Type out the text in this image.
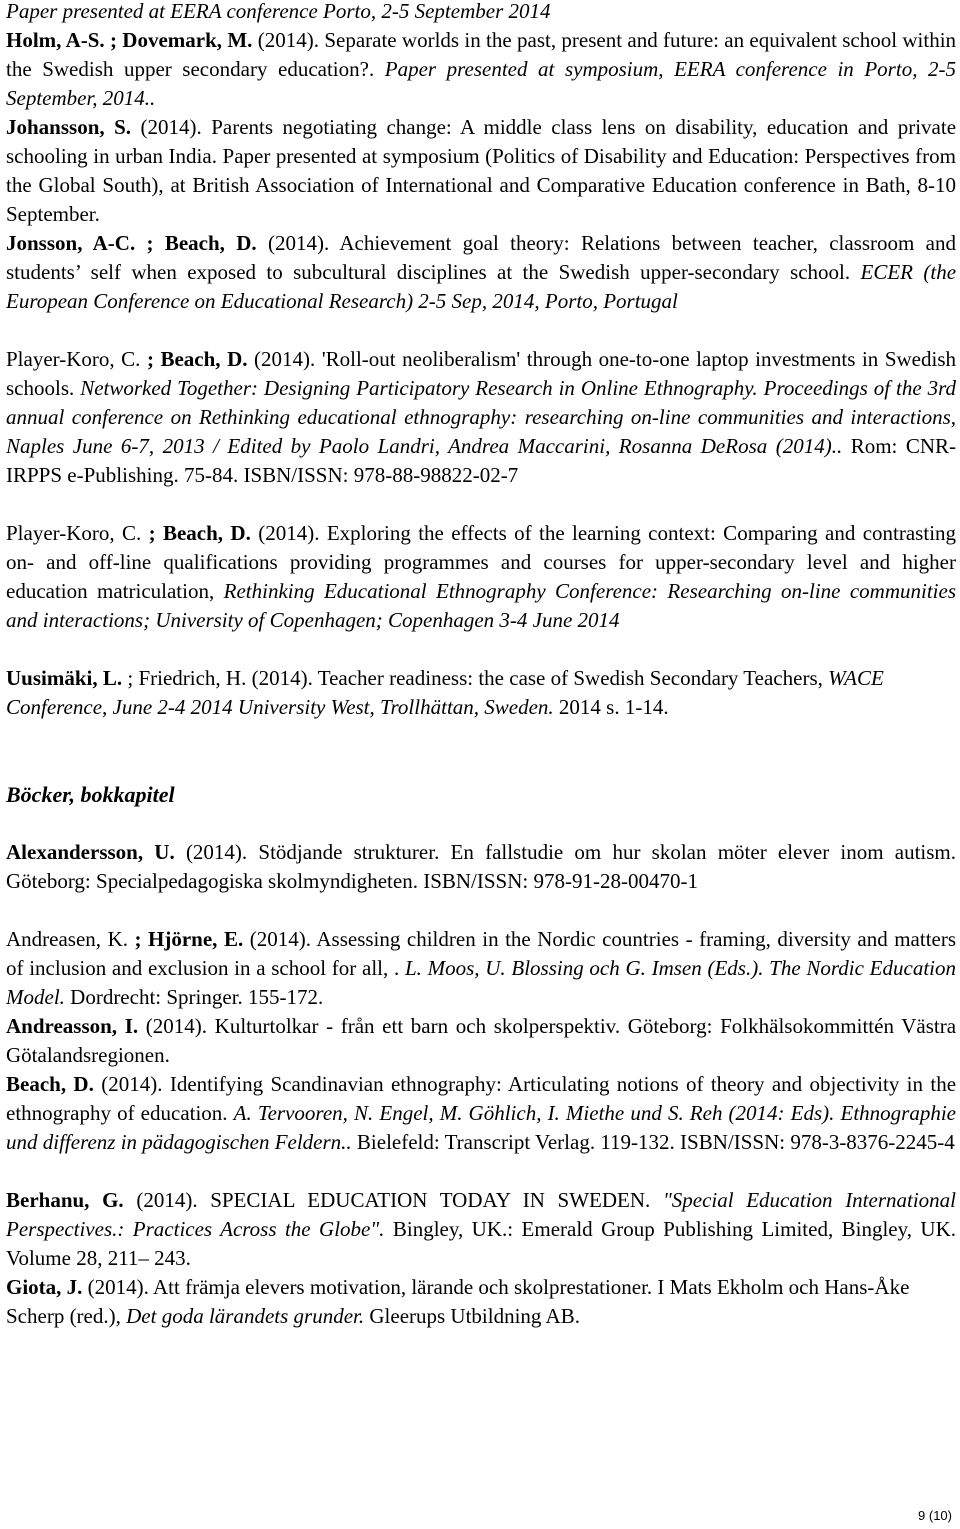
Paper presented at EERA conference Porto, 2-5 September 2014

Holm, A-S. ; Dovemark, M. (2014). Separate worlds in the past, present and future: an equivalent school within the Swedish upper secondary education?. Paper presented at symposium, EERA conference in Porto, 2-5 September, 2014..

Johansson, S. (2014). Parents negotiating change: A middle class lens on disability, education and private schooling in urban India. Paper presented at symposium (Politics of Disability and Education: Perspectives from the Global South), at British Association of International and Comparative Education conference in Bath, 8-10 September.

Jonsson, A-C. ; Beach, D. (2014). Achievement goal theory: Relations between teacher, classroom and students’ self when exposed to subcultural disciplines at the Swedish upper-secondary school. ECER (the European Conference on Educational Research) 2-5 Sep, 2014, Porto, Portugal

Player-Koro, C. ; Beach, D. (2014). 'Roll-out neoliberalism' through one-to-one laptop investments in Swedish schools. Networked Together: Designing Participatory Research in Online Ethnography. Proceedings of the 3rd annual conference on Rethinking educational ethnography: researching on-line communities and interactions, Naples June 6-7, 2013 / Edited by Paolo Landri, Andrea Maccarini, Rosanna DeRosa (2014).. Rom: CNR-IRPPS e-Publishing. 75-84. ISBN/ISSN: 978-88-98822-02-7

Player-Koro, C. ; Beach, D. (2014). Exploring the effects of the learning context: Comparing and contrasting on- and off-line qualifications providing programmes and courses for upper-secondary level and higher education matriculation, Rethinking Educational Ethnography Conference: Researching on-line communities and interactions; University of Copenhagen; Copenhagen 3-4 June 2014

Uusimäki, L. ; Friedrich, H. (2014). Teacher readiness: the case of Swedish Secondary Teachers, WACE Conference, June 2-4 2014 University West, Trollhättan, Sweden. 2014 s. 1-14.

Böcker, bokkapitel

Alexandersson, U. (2014). Stödjande strukturer. En fallstudie om hur skolan möter elever inom autism. Göteborg: Specialpedagogiska skolmyndigheten. ISBN/ISSN: 978-91-28-00470-1

Andreasen, K. ; Hjörne, E. (2014). Assessing children in the Nordic countries - framing, diversity and matters of inclusion and exclusion in a school for all, . L. Moos, U. Blossing och G. Imsen (Eds.). The Nordic Education Model. Dordrecht: Springer. 155-172.

Andreasson, I. (2014). Kulturtolkar - från ett barn och skolperspektiv. Göteborg: Folkhälsokommittén Västra Götalandsregionen.

Beach, D. (2014). Identifying Scandinavian ethnography: Articulating notions of theory and objectivity in the ethnography of education. A. Tervooren, N. Engel, M. Göhlich, I. Miethe und S. Reh (2014: Eds). Ethnographie und differenz in pädagogischen Feldern.. Bielefeld: Transcript Verlag. 119-132. ISBN/ISSN: 978-3-8376-2245-4

Berhanu, G. (2014). SPECIAL EDUCATION TODAY IN SWEDEN. "Special Education International Perspectives.: Practices Across the Globe". Bingley, UK.: Emerald Group Publishing Limited, Bingley, UK. Volume 28, 211– 243.

Giota, J. (2014). Att främja elevers motivation, lärande och skolprestationer. I Mats Ekholm och Hans-Åke Scherp (red.), Det goda lärandets grunder. Gleerups Utbildning AB.

9 (10)
